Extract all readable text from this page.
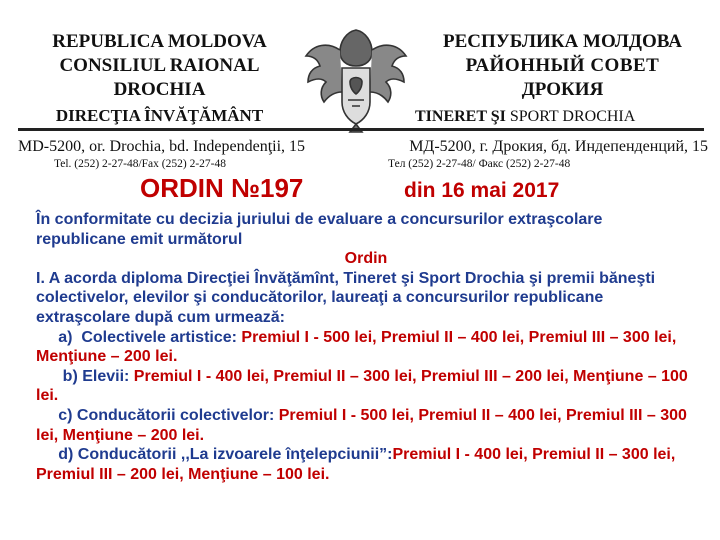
REPUBLICA MOLDOVA
CONSILIUL RAIONAL
DROCHIA
DIRECŢIA ÎNVĂŢĂMÂNT
РЕСПУБЛИКА МОЛДОВА
РАЙОННЫЙ СОВЕТ
ДРОКИЯ
TINERET ŞI SPORT DROCHIA
MD-5200, or. Drochia, bd. Independenţii, 15
Tel. (252) 2-27-48/Fax (252) 2-27-48
МД-5200, г. Дрокия, бд. Индепенденций, 15
Тел (252) 2-27-48/ Факс (252) 2-27-48
ORDIN №197	din 16 mai 2017

În conformitate cu decizia juriului de evaluare a concursurilor extraşcolare republicane emit următorul

Ordin

I. A acorda diploma Direcţiei Învăţămînt, Tineret şi Sport Drochia şi premii băneşti colectivelor, elevilor şi conducătorilor, laureaţi a concursurilor republicane extraşcolare după cum urmează:

a)  Colectivele artistice: Premiul I - 500 lei, Premiul II – 400 lei, Premiul III – 300 lei, Menţiune – 200 lei.

b) Elevii: Premiul I - 400 lei, Premiul II – 300 lei, Premiul III – 200 lei, Menţiune – 100 lei.

c) Conducătorii colectivelor: Premiul I - 500 lei, Premiul II – 400 lei, Premiul III – 300 lei, Menţiune – 200 lei.

d) Conducătorii ,,La izvoarele înţelepciunii”:Premiul I - 400 lei, Premiul II – 300 lei, Premiul III – 200 lei, Menţiune – 100 lei.
